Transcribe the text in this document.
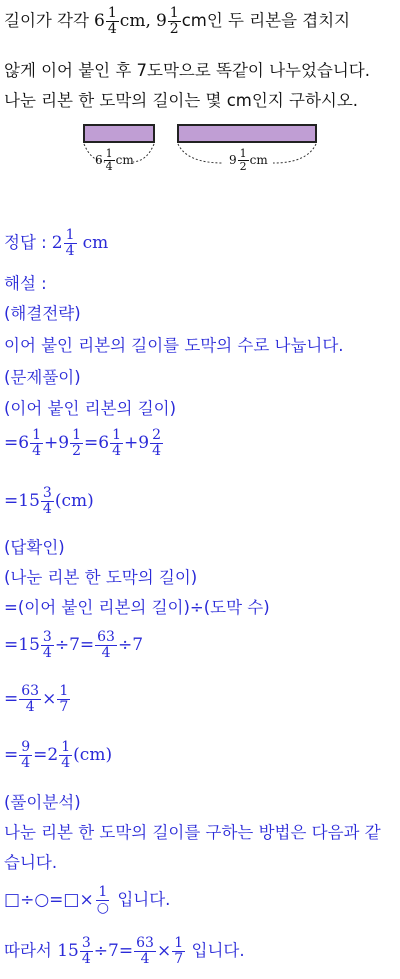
길이가 각각
$6 \frac{1}{4}$ cm,
$9 \frac{1}{2}$ cm인 두 리본을 겹치지
않게 이어 붙인 후 7도막으로 똑같이 나누었습니다.
나눈 리본 한 도막의 길이는 몇 cm인지 구하시오.
$6 \frac{1}{4}$ cm	$9 \frac{1}{2}$ cm
정답 :
$2 \frac{1}{4}$
cm
해설 :
(해결전략)
이어 붙인 리본의 길이를 도막의 수로 나눕니다.
(문제풀이)
(이어 붙인 리본의 길이)
= $6 \frac{1}{4} + 9 \frac{1}{2} = 6 \frac{1}{4} + 9 \frac{2}{4}$
= $15 \frac{3}{4} (cm)$
(답확인)
(나눈 리본 한 도막의 길이)
=(이어 붙인 리본의 길이)÷(도막 수)
= $15 \frac{3}{4} \div 7 = \frac{63}{4} \div 7$
= $\frac{63}{4} \times \frac{1}{7}$
= $\frac{9}{4} = 2 \frac{1}{4} (cm)$
(풀이분석)
나눈 리본 한 도막의 길이를 구하는 방법은 다음과 같
습니다.
□ ÷ ○ = □ × $\frac{1}{○}$
입니다.
따라서
$15 \frac{3}{4} \div 7 = \frac{63}{4} \times \frac{1}{7}$
입니다.
